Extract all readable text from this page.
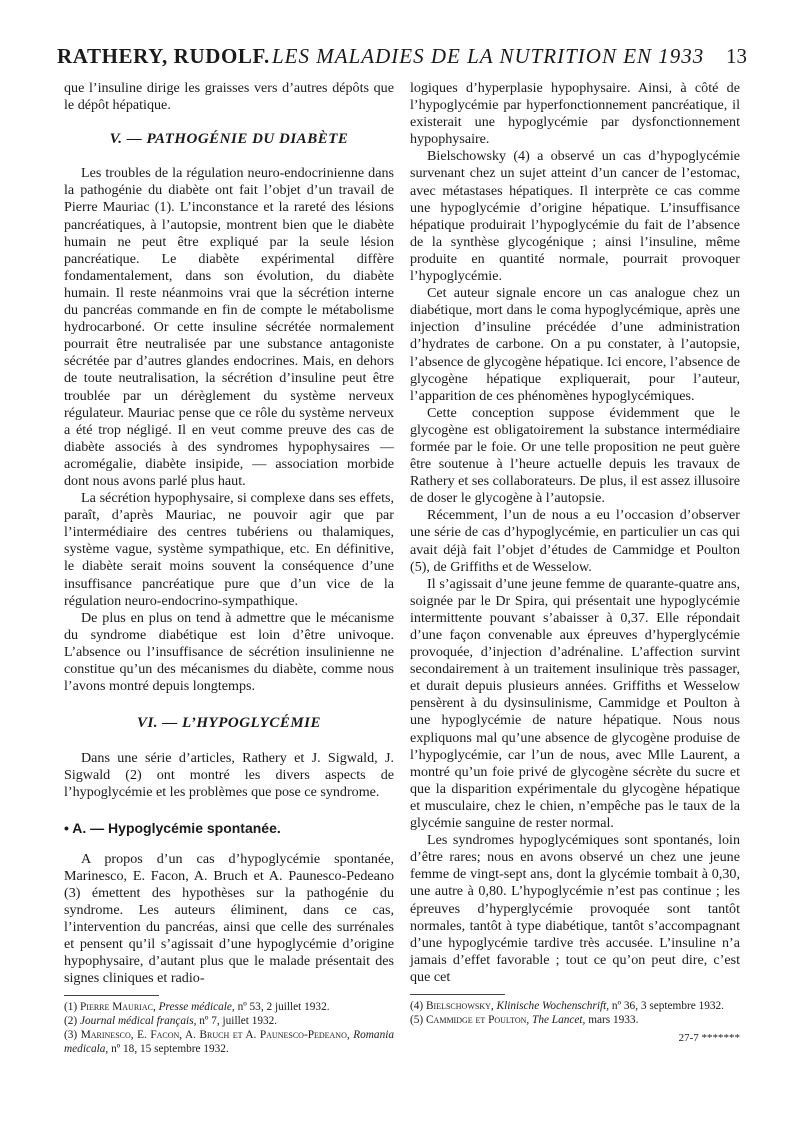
RATHERY, RUDOLF. LES MALADIES DE LA NUTRITION EN 1933 13

que l’insuline dirige les graisses vers d’autres dépôts que le dépôt hépatique.

V. — PATHOGÉNIE DU DIABÈTE

Les troubles de la régulation neuro-endocrinienne dans la pathogénie du diabète ont fait l’objet d’un travail de Pierre Mauriac (1). L’inconstance et la rareté des lésions pancréatiques, à l’autopsie, montrent bien que le diabète humain ne peut être expliqué par la seule lésion pancréatique. Le diabète expérimental diffère fondamentalement, dans son évolution, du diabète humain. Il reste néanmoins vrai que la sécrétion interne du pancréas commande en fin de compte le métabolisme hydrocarboné. Or cette insuline sécrétée normalement pourrait être neutralisée par une substance antagoniste sécrétée par d’autres glandes endocrines. Mais, en dehors de toute neutralisation, la sécrétion d’insuline peut être troublée par un dérèglement du système nerveux régulateur. Mauriac pense que ce rôle du système nerveux a été trop négligé. Il en veut comme preuve des cas de diabète associés à des syndromes hypophysaires — acromégalie, diabète insipide, — association morbide dont nous avons parlé plus haut.

La sécrétion hypophysaire, si complexe dans ses effets, paraît, d’après Mauriac, ne pouvoir agir que par l’intermédiaire des centres tubériens ou thalamiques, système vague, système sympathique, etc. En définitive, le diabète serait moins souvent la conséquence d’une insuffisance pancréatique pure que d’un vice de la régulation neuro-endocrino-sympathique.

De plus en plus on tend à admettre que le mécanisme du syndrome diabétique est loin d’être univoque. L’absence ou l’insuffisance de sécrétion insulinienne ne constitue qu’un des mécanismes du diabète, comme nous l’avons montré depuis longtemps.

VI. — L’HYPOGLYCÉMIE

Dans une série d’articles, Rathery et J. Sigwald, J. Sigwald (2) ont montré les divers aspects de l’hypoglycémie et les problèmes que pose ce syndrome.

• A. — Hypoglycémie spontanée.

A propos d’un cas d’hypoglycémie spontanée, Marinesco, E. Facon, A. Bruch et A. Paunesco-Pedeano (3) émettent des hypothèses sur la pathogénie du syndrome. Les auteurs éliminent, dans ce cas, l’intervention du pancréas, ainsi que celle des surrénales et pensent qu’il s’agissait d’une hypoglycémie d’origine hypophysaire, d’autant plus que le malade présentait des signes cliniques et radio-

(1) Pierre Mauriac, Presse médicale, nº 53, 2 juillet 1932.

(2) Journal médical français, nº 7, juillet 1932.

(3) Marinesco, E. Facon, A. Bruch et A. Paunesco-Pedeano, Romania medicala, nº 18, 15 septembre 1932.

logiques d’hyperplasie hypophysaire. Ainsi, à côté de l’hypoglycémie par hyperfonctionnement pancréatique, il existerait une hypoglycémie par dysfonctionnement hypophysaire.

Bielschowsky (4) a observé un cas d’hypoglycémie survenant chez un sujet atteint d’un cancer de l’estomac, avec métastases hépatiques. Il interprète ce cas comme une hypoglycémie d’origine hépatique. L’insuffisance hépatique produirait l’hypoglycémie du fait de l’absence de la synthèse glycogénique ; ainsi l’insuline, même produite en quantité normale, pourrait provoquer l’hypoglycémie.

Cet auteur signale encore un cas analogue chez un diabétique, mort dans le coma hypoglycémique, après une injection d’insuline précédée d’une administration d’hydrates de carbone. On a pu constater, à l’autopsie, l’absence de glycogène hépatique. Ici encore, l’absence de glycogène hépatique expliquerait, pour l’auteur, l’apparition de ces phénomènes hypoglycémiques.

Cette conception suppose évidemment que le glycogène est obligatoirement la substance intermédiaire formée par le foie. Or une telle proposition ne peut guère être soutenue à l’heure actuelle depuis les travaux de Rathery et ses collaborateurs. De plus, il est assez illusoire de doser le glycogène à l’autopsie.

Récemment, l’un de nous a eu l’occasion d’observer une série de cas d’hypoglycémie, en particulier un cas qui avait déjà fait l’objet d’études de Cammidge et Poulton (5), de Griffiths et de Wesselow.

Il s’agissait d’une jeune femme de quarante-quatre ans, soignée par le Dr Spira, qui présentait une hypoglycémie intermittente pouvant s’abaisser à 0,37. Elle répondait d’une façon convenable aux épreuves d’hyperglycémie provoquée, d’injection d’adrénaline. L’affection survint secondairement à un traitement insulinique très passager, et durait depuis plusieurs années. Griffiths et Wesselow pensèrent à du dysinsulinisme, Cammidge et Poulton à une hypoglycémie de nature hépatique. Nous nous expliquons mal qu’une absence de glycogène produise de l’hypoglycémie, car l’un de nous, avec Mlle Laurent, a montré qu’un foie privé de glycogène sécrète du sucre et que la disparition expérimentale du glycogène hépatique et musculaire, chez le chien, n’empêche pas le taux de la glycémie sanguine de rester normal.

Les syndromes hypoglycémiques sont spontanés, loin d’être rares; nous en avons observé un chez une jeune femme de vingt-sept ans, dont la glycémie tombait à 0,30, une autre à 0,80. L’hypoglycémie n’est pas continue ; les épreuves d’hyperglycémie provoquée sont tantôt normales, tantôt à type diabétique, tantôt s’accompagnant d’une hypoglycémie tardive très accusée. L’insuline n’a jamais d’effet favorable ; tout ce qu’on peut dire, c’est que cet

(4) Bielschowsky, Klinische Wochenschrift, nº 36, 3 septembre 1932.

(5) Cammidge et Poulton, The Lancet, mars 1933.

27-7 *******
